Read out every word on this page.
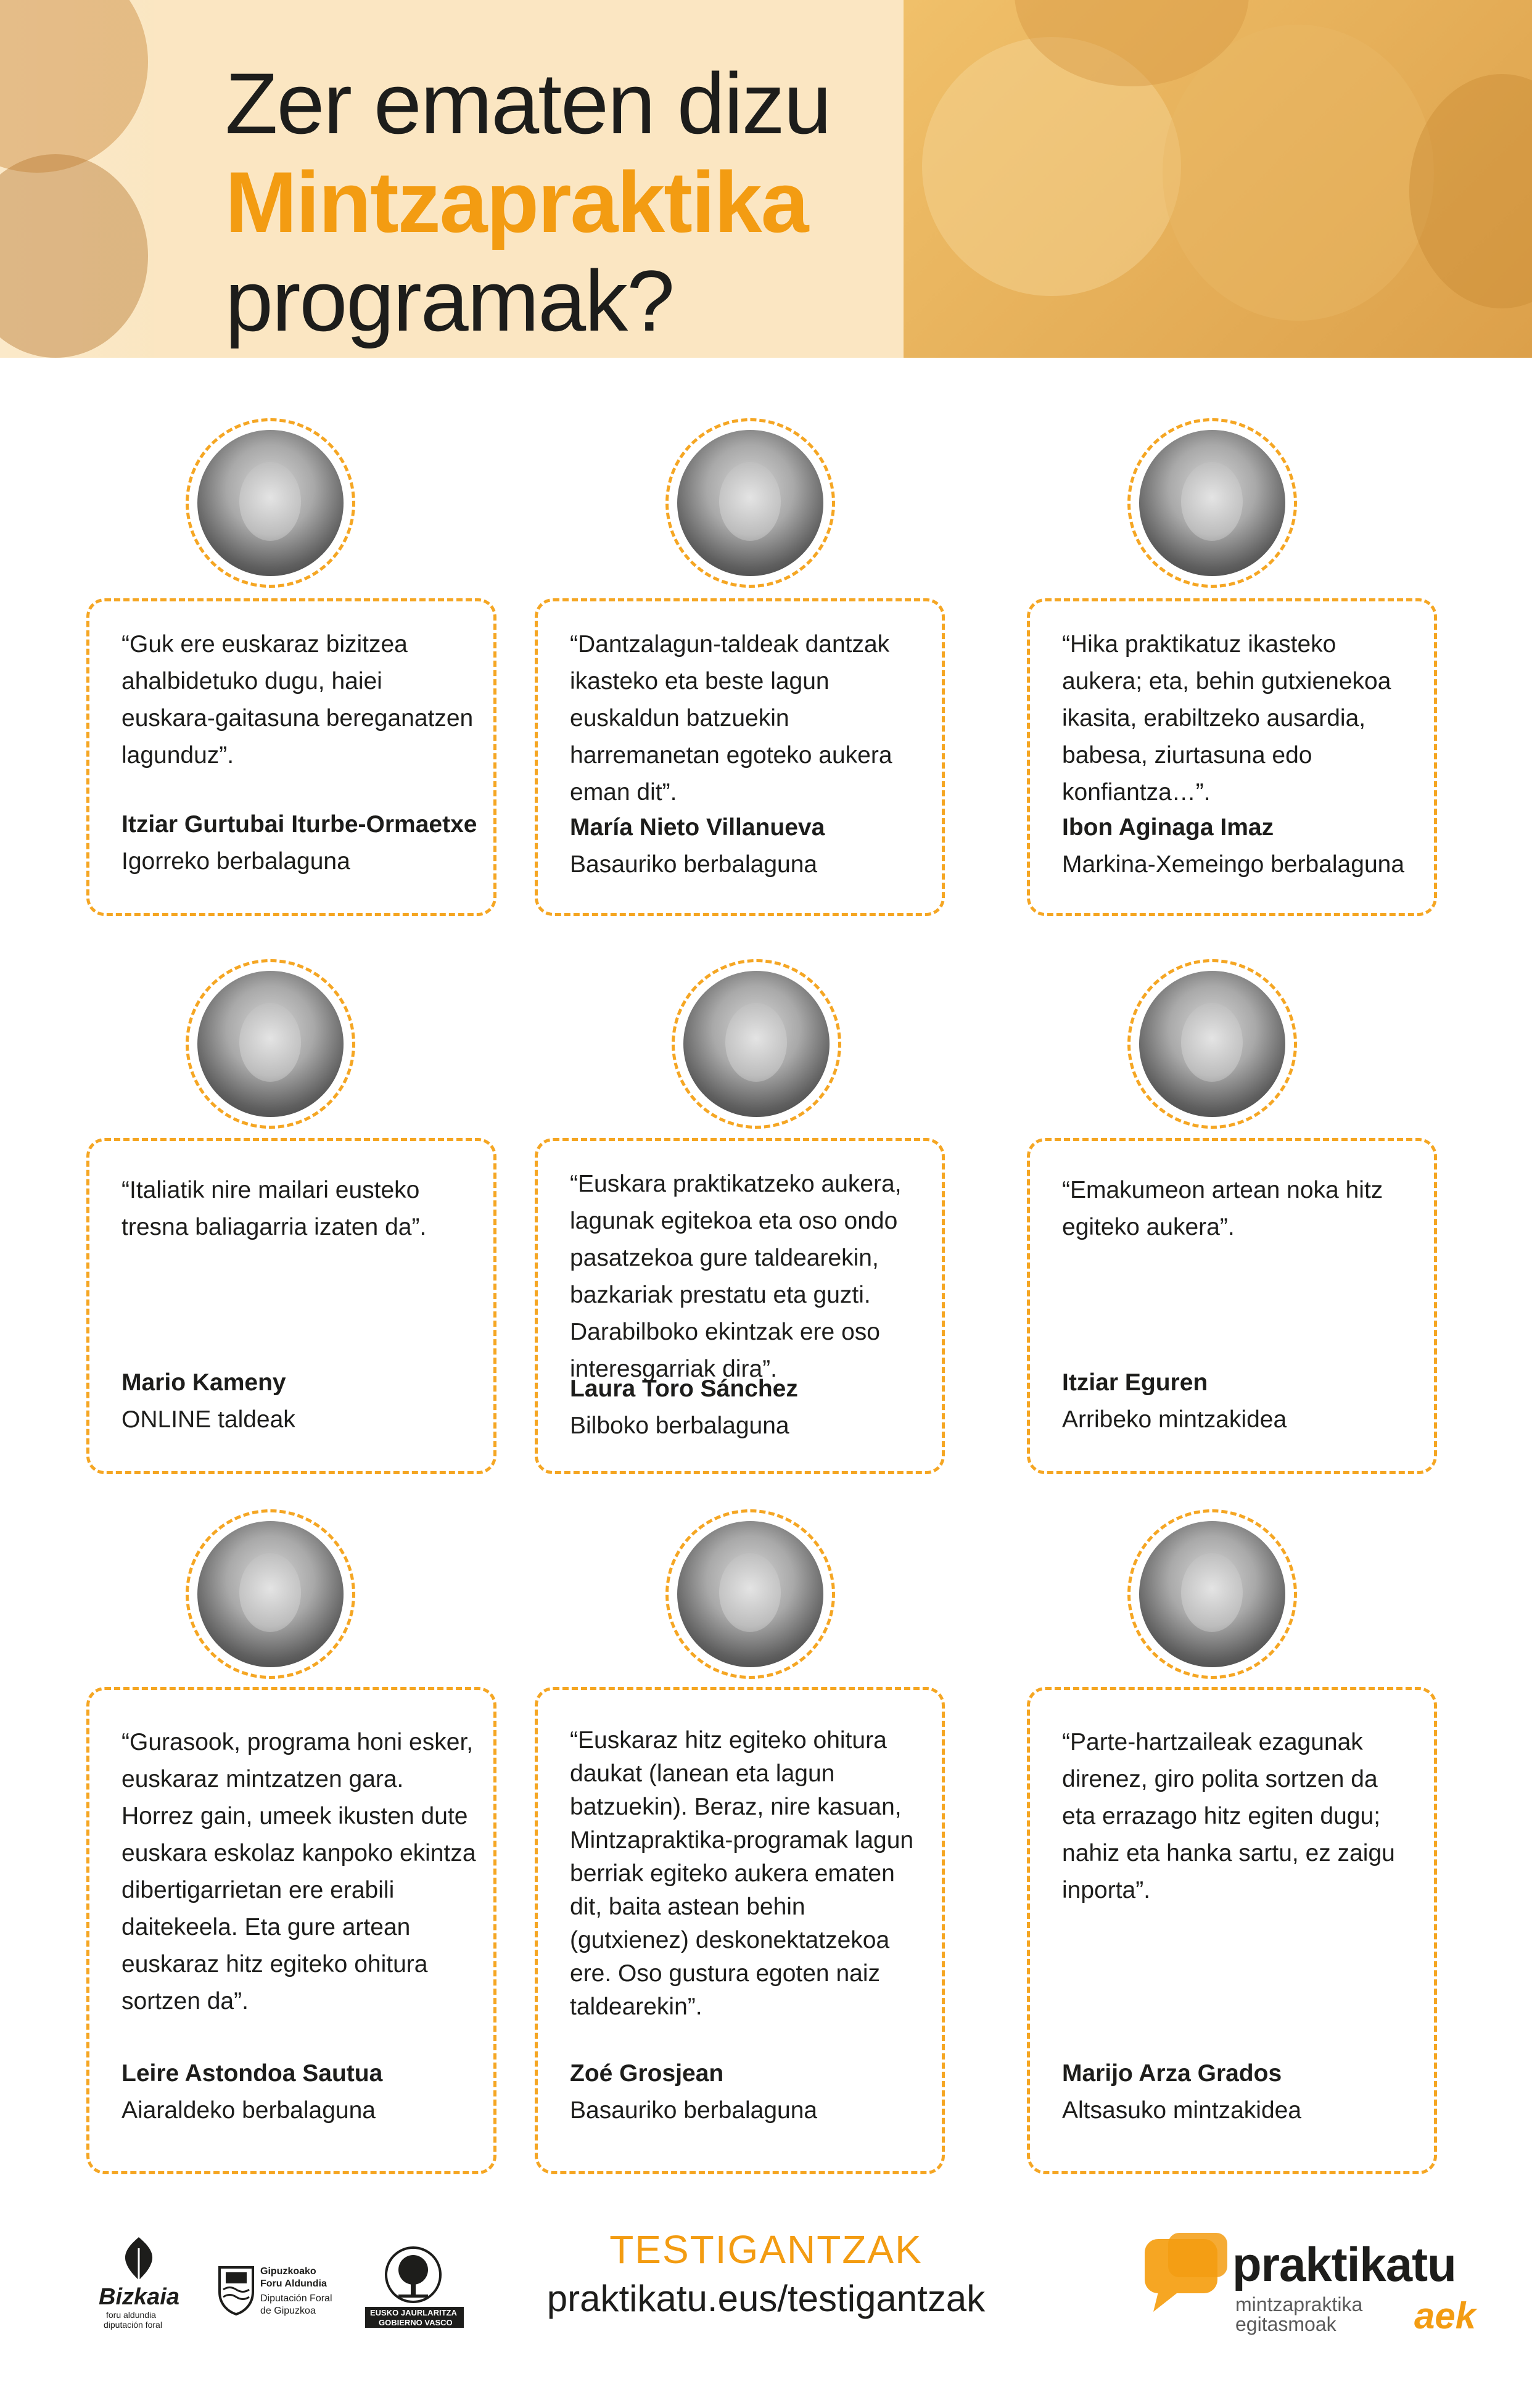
Zer ematen dizu
Mintzapraktika
programak?
“Guk ere euskaraz bizitzea ahalbidetuko dugu, haiei euskara-gaitasuna bereganatzen lagunduz”.
Itziar Gurtubai Iturbe-Ormaetxe
Igorreko berbalaguna
“Dantzalagun-taldeak dantzak ikasteko eta beste lagun euskaldun batzuekin harremanetan egoteko aukera eman dit”.
María Nieto Villanueva
Basauriko berbalaguna
“Hika praktikatuz ikasteko aukera; eta, behin gutxienekoa ikasita, erabiltzeko ausardia, babesa, ziurtasuna edo konfiantza…”.
Ibon Aginaga Imaz
Markina-Xemeingo berbalaguna
“Italiatik nire mailari eusteko tresna baliagarria izaten da”.
Mario Kameny
ONLINE taldeak
“Euskara praktikatzeko aukera, lagunak egitekoa eta oso ondo pasatzekoa gure taldearekin, bazkariak prestatu eta guzti. Darabilboko ekintzak ere oso interesgarriak dira”.
Laura Toro Sánchez
Bilboko berbalaguna
“Emakumeon artean noka hitz egiteko aukera”.
Itziar Eguren
Arribeko mintzakidea
“Gurasook, programa honi esker, euskaraz mintzatzen gara. Horrez gain, umeek ikusten dute euskara eskolaz kanpoko ekintza dibertigarrietan ere erabili daitekeela. Eta gure artean euskaraz hitz egiteko ohitura sortzen da”.
Leire Astondoa Sautua
Aiaraldeko berbalaguna
“Euskaraz hitz egiteko ohitura daukat (lanean eta lagun batzuekin). Beraz, nire kasuan, Mintzapraktika-programak lagun berriak egiteko aukera ematen dit, baita astean behin (gutxienez) deskonektatzekoa ere. Oso gustura egoten naiz taldearekin”.
Zoé Grosjean
Basauriko berbalaguna
“Parte-hartzaileak ezagunak direnez, giro polita sortzen da eta errazago hitz egiten dugu; nahiz eta hanka sartu, ez zaigu inporta”.
Marijo Arza Grados
Altsasuko mintzakidea
TESTIGANTZAK
praktikatu.eus/testigantzak
Bizkaia
foru aldundia
diputación foral
Gipuzkoako
Foru Aldundia
Diputación Foral
de Gipuzkoa	EUSKO JAURLARITZA
GOBIERNO VASCO
praktikatu
mintzapraktika
egitasmoak aek
